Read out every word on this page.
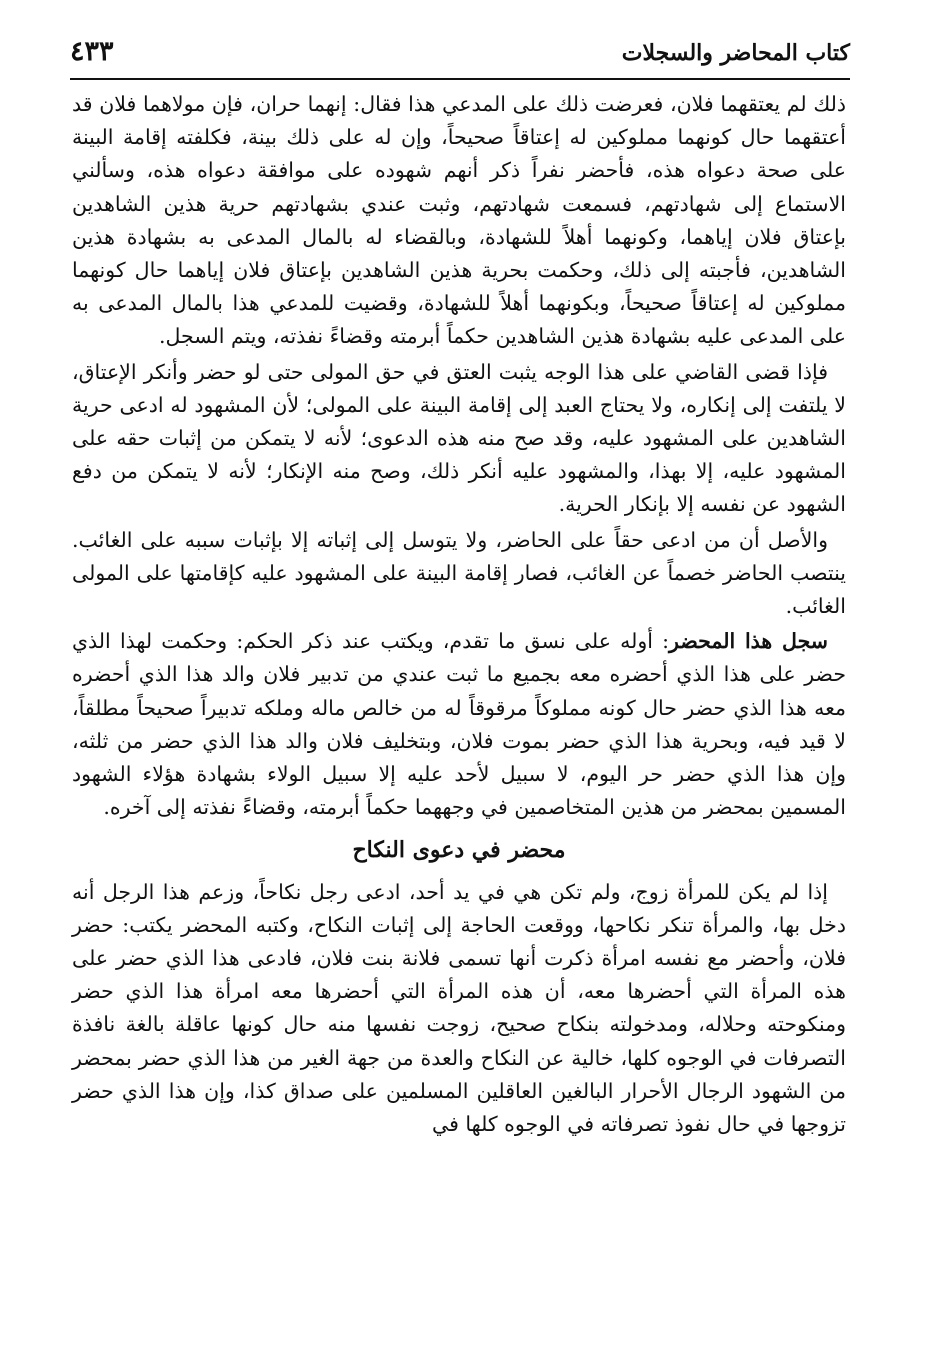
كتاب المحاضر والسجلات
٤٣٣

ذلك لم يعتقهما فلان، فعرضت ذلك على المدعي هذا فقال: إنهما حران، فإن مولاهما فلان قد أعتقهما حال كونهما مملوكين له إعتاقاً صحيحاً، وإن له على ذلك بينة، فكلفته إقامة البينة على صحة دعواه هذه، فأحضر نفراً ذكر أنهم شهوده على موافقة دعواه هذه، وسألني الاستماع إلى شهادتهم، فسمعت شهادتهم، وثبت عندي بشهادتهم حرية هذين الشاهدين بإعتاق فلان إياهما، وكونهما أهلاً للشهادة، وبالقضاء له بالمال المدعى به بشهادة هذين الشاهدين، فأجبته إلى ذلك، وحكمت بحرية هذين الشاهدين بإعتاق فلان إياهما حال كونهما مملوكين له إعتاقاً صحيحاً، وبكونهما أهلاً للشهادة، وقضيت للمدعي هذا بالمال المدعى به على المدعى عليه بشهادة هذين الشاهدين حكماً أبرمته وقضاءً نفذته، ويتم السجل.

فإذا قضى القاضي على هذا الوجه يثبت العتق في حق المولى حتى لو حضر وأنكر الإعتاق، لا يلتفت إلى إنكاره، ولا يحتاج العبد إلى إقامة البينة على المولى؛ لأن المشهود له ادعى حرية الشاهدين على المشهود عليه، وقد صح منه هذه الدعوى؛ لأنه لا يتمكن من إثبات حقه على المشهود عليه، إلا بهذا، والمشهود عليه أنكر ذلك، وصح منه الإنكار؛ لأنه لا يتمكن من دفع الشهود عن نفسه إلا بإنكار الحرية.

والأصل أن من ادعى حقاً على الحاضر، ولا يتوسل إلى إثباته إلا بإثبات سببه على الغائب. ينتصب الحاضر خصماً عن الغائب، فصار إقامة البينة على المشهود عليه كإقامتها على المولى الغائب.

سجل هذا المحضر: أوله على نسق ما تقدم، ويكتب عند ذكر الحكم: وحكمت لهذا الذي حضر على هذا الذي أحضره معه بجميع ما ثبت عندي من تدبير فلان والد هذا الذي أحضره معه هذا الذي حضر حال كونه مملوكاً مرقوقاً له من خالص ماله وملكه تدبيراً صحيحاً مطلقاً، لا قيد فيه، وبحرية هذا الذي حضر بموت فلان، وبتخليف فلان والد هذا الذي حضر من ثلثه، وإن هذا الذي حضر حر اليوم، لا سبيل لأحد عليه إلا سبيل الولاء بشهادة هؤلاء الشهود المسمين بمحضر من هذين المتخاصمين في وجههما حكماً أبرمته، وقضاءً نفذته إلى آخره.

محضر في دعوى النكاح

إذا لم يكن للمرأة زوج، ولم تكن هي في يد أحد، ادعى رجل نكاحاً، وزعم هذا الرجل أنه دخل بها، والمرأة تنكر نكاحها، ووقعت الحاجة إلى إثبات النكاح، وكتبه المحضر يكتب: حضر فلان، وأحضر مع نفسه امرأة ذكرت أنها تسمى فلانة بنت فلان، فادعى هذا الذي حضر على هذه المرأة التي أحضرها معه، أن هذه المرأة التي أحضرها معه امرأة هذا الذي حضر ومنكوحته وحلاله، ومدخولته بنكاح صحيح، زوجت نفسها منه حال كونها عاقلة بالغة نافذة التصرفات في الوجوه كلها، خالية عن النكاح والعدة من جهة الغير من هذا الذي حضر بمحضر من الشهود الرجال الأحرار البالغين العاقلين المسلمين على صداق كذا، وإن هذا الذي حضر تزوجها في حال نفوذ تصرفاته في الوجوه كلها في
